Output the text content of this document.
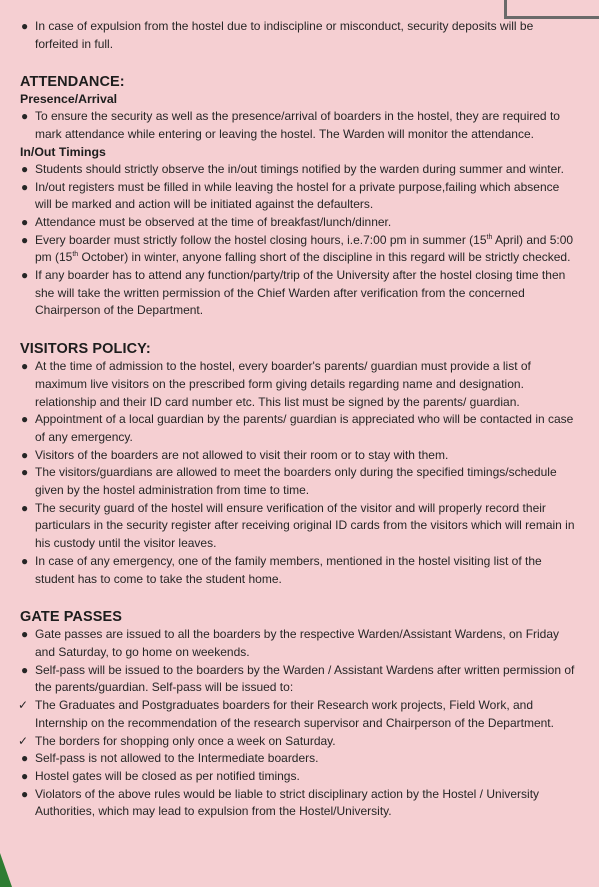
● In case of expulsion from the hostel due to indiscipline or misconduct, security deposits will be forfeited in full.
ATTENDANCE:
Presence/Arrival
● To ensure the security as well as the presence/arrival of boarders in the hostel, they are required to mark attendance while entering or leaving the hostel. The Warden will monitor the attendance.
In/Out Timings
● Students should strictly observe the in/out timings notified by the warden during summer and winter.
● In/out registers must be filled in while leaving the hostel for a private purpose,failing which absence will be marked and action will be initiated against the defaulters.
● Attendance must be observed at the time of breakfast/lunch/dinner.
● Every boarder must strictly follow the hostel closing hours, i.e.7:00 pm in summer (15th April) and 5:00 pm (15th October) in winter, anyone falling short of the discipline in this regard will be strictly checked.
● If any boarder has to attend any function/party/trip of the University after the hostel closing time then she will take the written permission of the Chief Warden after verification from the concerned Chairperson of the Department.
VISITORS POLICY:
● At the time of admission to the hostel, every boarder's parents/ guardian must provide a list of maximum live visitors on the prescribed form giving details regarding name and designation. relationship and their ID card number etc. This list must be signed by the parents/ guardian.
● Appointment of a local guardian by the parents/ guardian is appreciated who will be contacted in case of any emergency.
● Visitors of the boarders are not allowed to visit their room or to stay with them.
● The visitors/guardians are allowed to meet the boarders only during the specified timings/schedule given by the hostel administration from time to time.
● The security guard of the hostel will ensure verification of the visitor and will properly record their particulars in the security register after receiving original ID cards from the visitors which will remain in his custody until the visitor leaves.
● In case of any emergency, one of the family members, mentioned in the hostel visiting list of the student has to come to take the student home.
GATE PASSES
● Gate passes are issued to all the boarders by the respective Warden/Assistant Wardens, on Friday and Saturday, to go home on weekends.
● Self-pass will be issued to the boarders by the Warden / Assistant Wardens after written permission of the parents/guardian. Self-pass will be issued to:
✓ The Graduates and Postgraduates boarders for their Research work projects, Field Work, and Internship on the recommendation of the research supervisor and Chairperson of the Department.
✓ The borders for shopping only once a week on Saturday.
● Self-pass is not allowed to the Intermediate boarders.
● Hostel gates will be closed as per notified timings.
● Violators of the above rules would be liable to strict disciplinary action by the Hostel / University Authorities, which may lead to expulsion from the Hostel/University.
